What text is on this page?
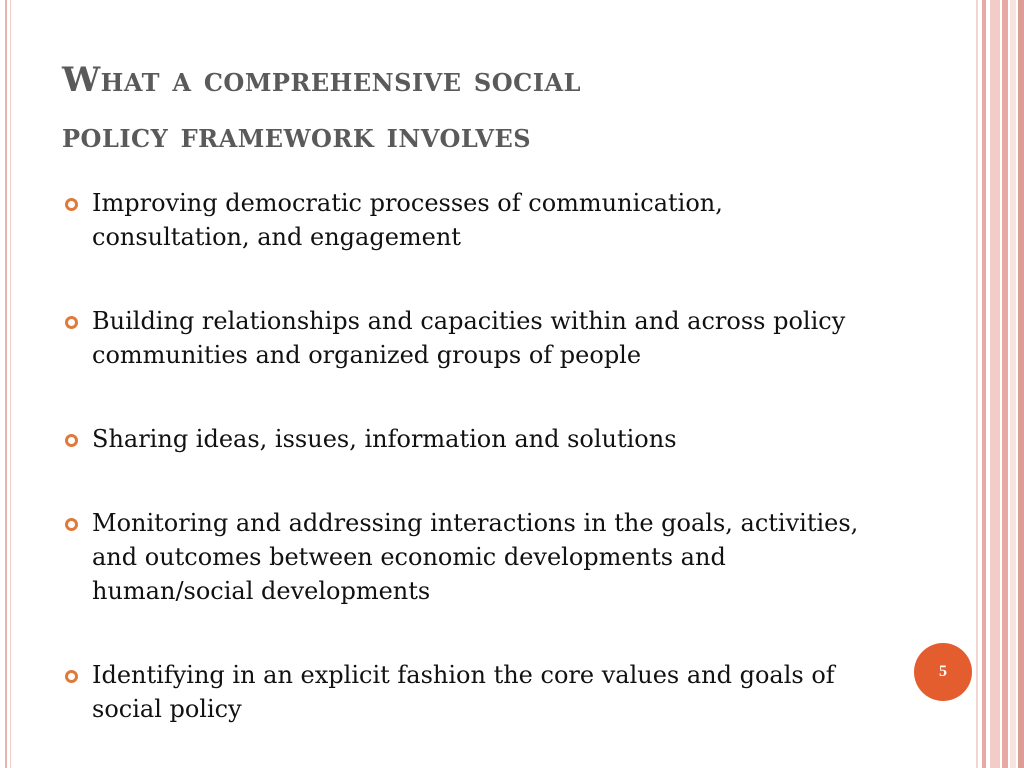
What a comprehensive social
policy framework involves
Improving democratic processes of communication, consultation, and engagement
Building relationships and capacities within and across policy communities and organized groups of people
Sharing ideas, issues, information and solutions
Monitoring and addressing interactions in the goals, activities, and outcomes between economic developments and human/social developments
Identifying in an explicit fashion the core values and goals of social policy
5
